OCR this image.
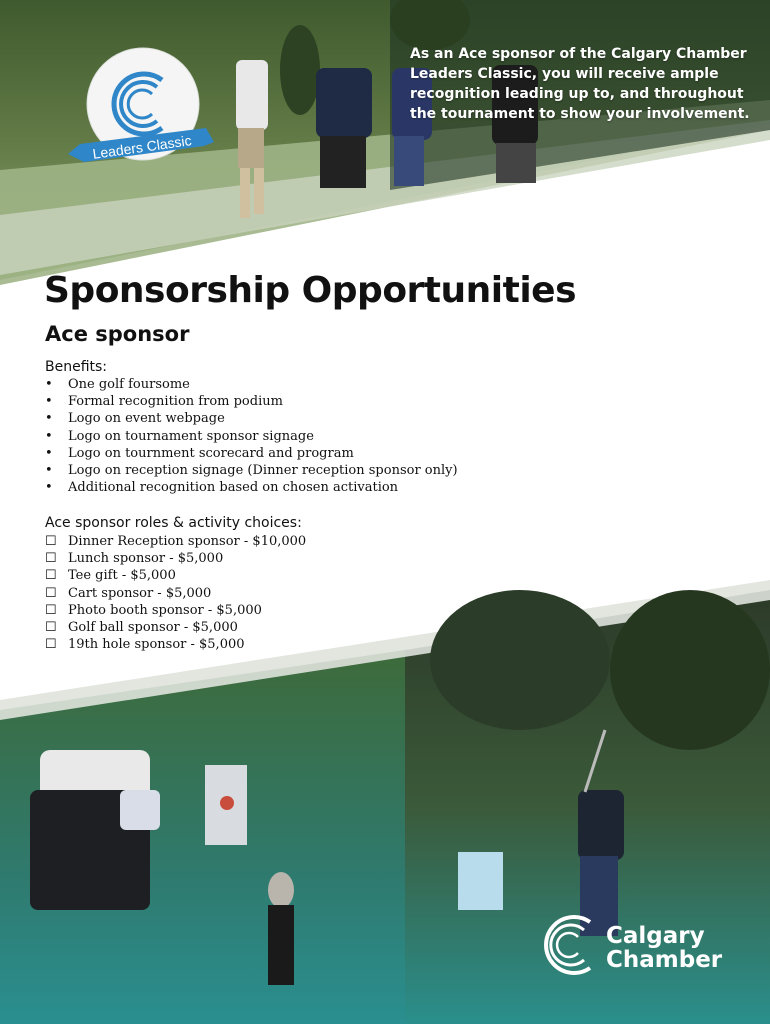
As an Ace sponsor of the Calgary Chamber Leaders Classic, you will receive ample recognition leading up to, and throughout the tournament to show your involvement.
Leaders Classic
Sponsorship Opportunities
Ace sponsor

Benefits:

• One golf foursome
• Formal recognition from podium
• Logo on event webpage
• Logo on tournament sponsor signage
• Logo on tournment scorecard and program
• Logo on reception signage (Dinner reception sponsor only)
• Additional recognition based on chosen activation

Ace sponsor roles & activity choices:

☐ Dinner Reception sponsor - $10,000
☐ Lunch sponsor - $5,000
☐ Tee gift - $5,000
☐ Cart sponsor - $5,000
☐ Photo booth sponsor - $5,000
☐ Golf ball sponsor - $5,000
☐ 19th hole sponsor - $5,000
Calgary
Chamber
